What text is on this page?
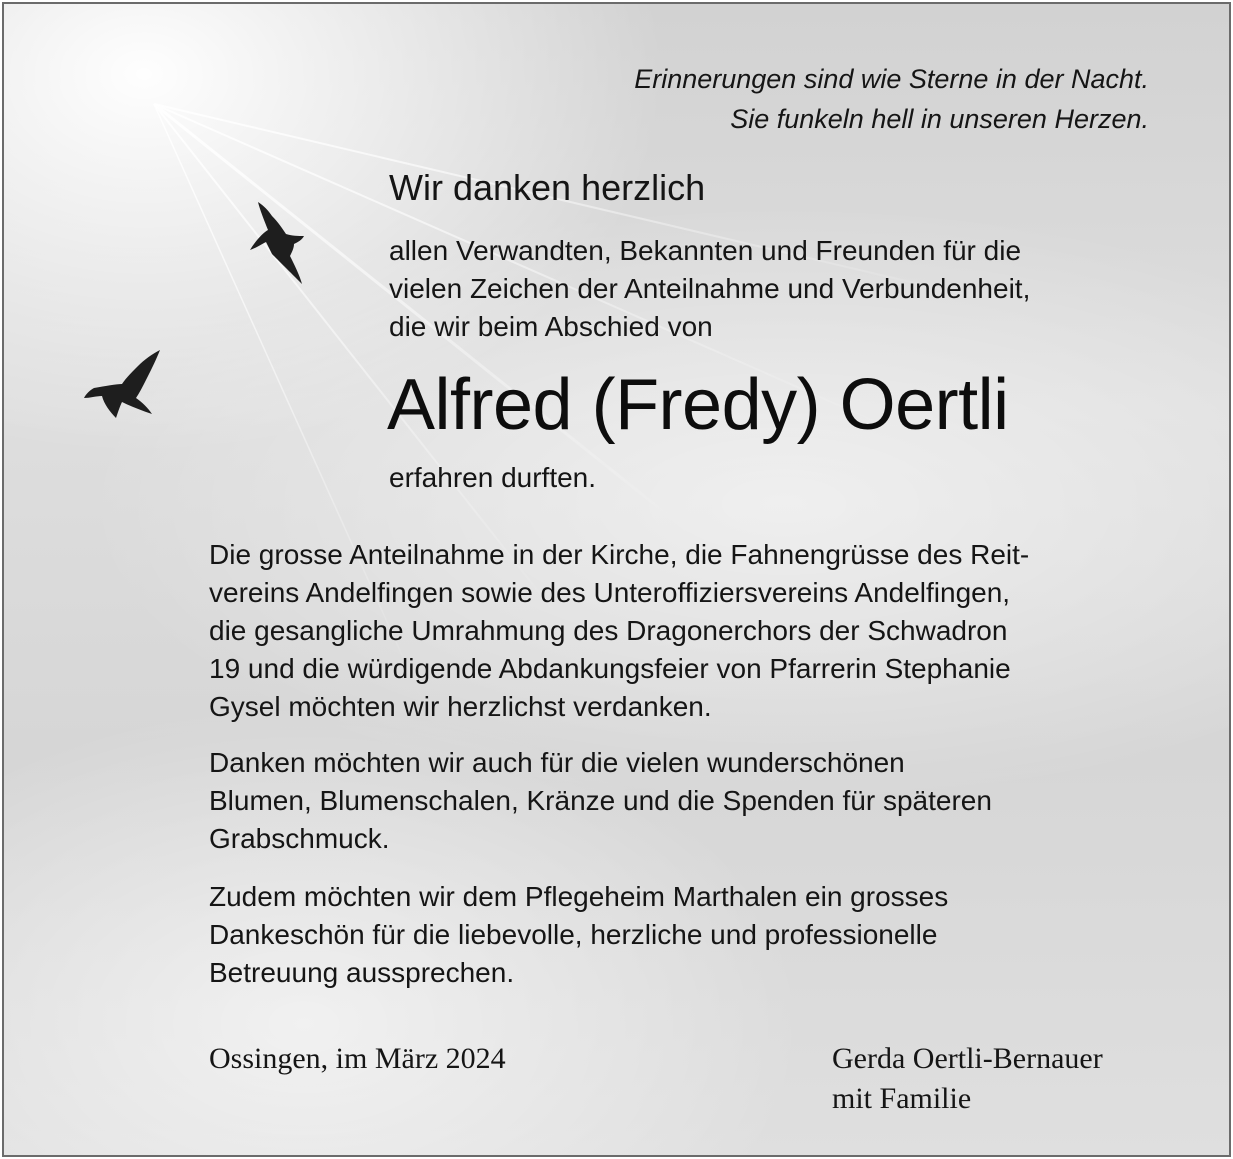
Erinnerungen sind wie Sterne in der Nacht.
Sie funkeln hell in unseren Herzen.
Wir danken herzlich
allen Verwandten, Bekannten und Freunden für die
vielen Zeichen der Anteilnahme und Verbundenheit,
die wir beim Abschied von
Alfred (Fredy) Oertli
erfahren durften.
Die grosse Anteilnahme in der Kirche, die Fahnengrüsse des Reit-
vereins Andelfingen sowie des Unteroffiziersvereins Andelfingen,
die gesangliche Umrahmung des Dragonerchors der Schwadron
19 und die würdigende Abdankungsfeier von Pfarrerin Stephanie
Gysel möchten wir herzlichst verdanken.
Danken möchten wir auch für die vielen wunderschönen
Blumen, Blumenschalen, Kränze und die Spenden für späteren
Grabschmuck.
Zudem möchten wir dem Pflegeheim Marthalen ein grosses
Dankeschön für die liebevolle, herzliche und professionelle
Betreuung aussprechen.
Ossingen, im März 2024	Gerda Oertli-Bernauer
mit Familie
